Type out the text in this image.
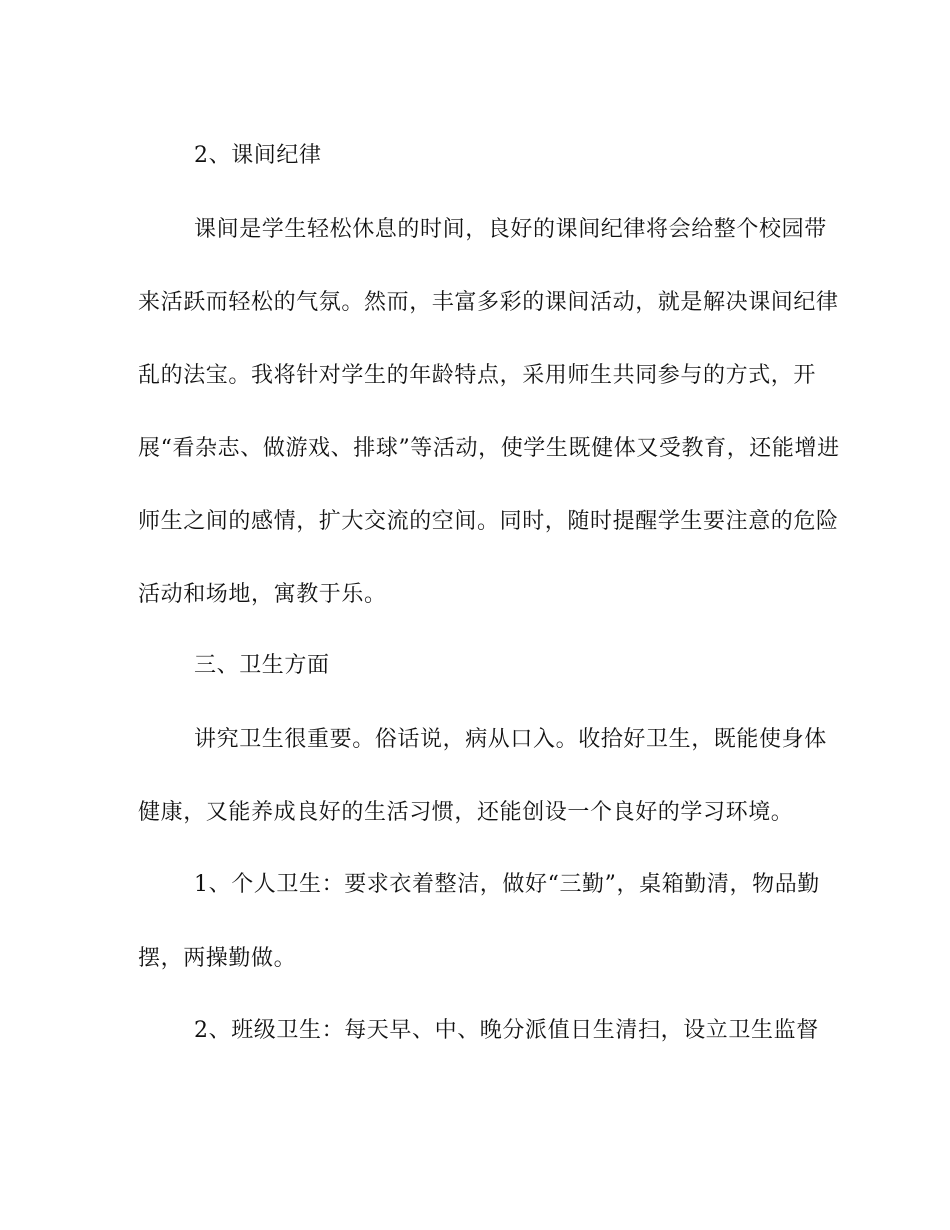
2、课间纪律
课间是学生轻松休息的时间，良好的课间纪律将会给整个校园带
来活跃而轻松的气氛。然而，丰富多彩的课间活动，就是解决课间纪律
乱的法宝。我将针对学生的年龄特点，采用师生共同参与的方式，开
展“看杂志、做游戏、排球”等活动，使学生既健体又受教育，还能增进
师生之间的感情，扩大交流的空间。同时，随时提醒学生要注意的危险
活动和场地，寓教于乐。
三、卫生方面
讲究卫生很重要。俗话说，病从口入。收拾好卫生，既能使身体
健康，又能养成良好的生活习惯，还能创设一个良好的学习环境。
1、个人卫生：要求衣着整洁，做好“三勤”，桌箱勤清，物品勤
摆，两操勤做。
2、班级卫生：每天早、中、晚分派值日生清扫，设立卫生监督
